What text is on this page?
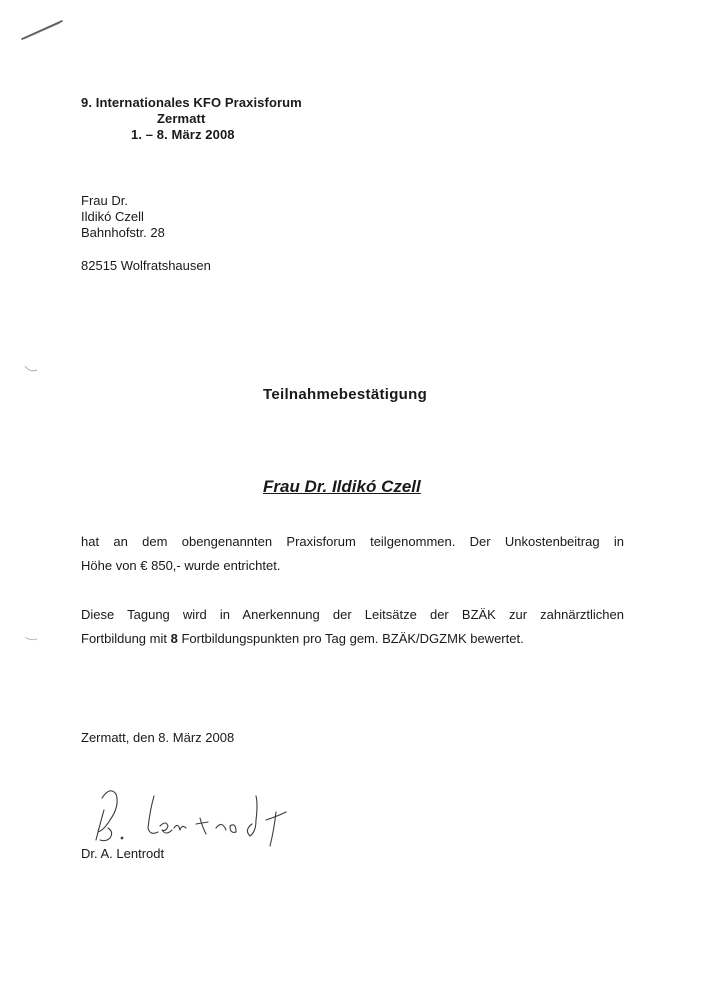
9. Internationales KFO Praxisforum
Zermatt
1. – 8. März 2008
Frau Dr.
Ildikó Czell
Bahnhofstr. 28
82515 Wolfratshausen
Teilnahmebestätigung
Frau Dr. Ildikó Czell
hat an dem obengenannten Praxisforum teilgenommen. Der Unkostenbeitrag in
Höhe von € 850,- wurde entrichtet.
Diese Tagung wird in Anerkennung der Leitsätze der BZÄK zur zahnärztlichen
Fortbildung mit 8 Fortbildungspunkten pro Tag gem. BZÄK/DGZMK bewertet.
Zermatt, den 8. März 2008
Dr. A. Lentrodt
